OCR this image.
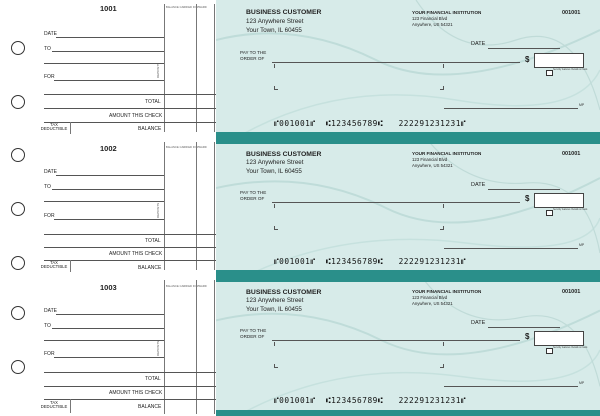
1001	BALANCE CARRIED FORWARD
DATE
TO
FOR	DEPOSITS
TOTAL
AMOUNT THIS CHECK
TAX DEDUCTIBLE	BALANCE
BUSINESS CUSTOMER
123 Anywhere Street
Your Town, IL 60455
YOUR FINANCIAL INSTITUTION
123 Financial Blvd
Anywhere, US 54321
001001
DATE
PAY TO THE
ORDER OF	$
Security features. Details on back.
MP
⑈001001⑈  ⑆123456789⑆   222291231231⑈
1002	BALANCE CARRIED FORWARD
DATE
TO
FOR	DEPOSITS
TOTAL
AMOUNT THIS CHECK
TAX DEDUCTIBLE	BALANCE
BUSINESS CUSTOMER
123 Anywhere Street
Your Town, IL 60455
YOUR FINANCIAL INSTITUTION
123 Financial Blvd
Anywhere, US 54321
001001
DATE
PAY TO THE
ORDER OF	$
Security features. Details on back.
MP
⑈001001⑈  ⑆123456789⑆   222291231231⑈
1003	BALANCE CARRIED FORWARD
DATE
TO
FOR	DEPOSITS
TOTAL
AMOUNT THIS CHECK
TAX DEDUCTIBLE	BALANCE
BUSINESS CUSTOMER
123 Anywhere Street
Your Town, IL 60455
YOUR FINANCIAL INSTITUTION
123 Financial Blvd
Anywhere, US 54321
001001
DATE
PAY TO THE
ORDER OF	$
Security features. Details on back.
MP
⑈001001⑈  ⑆123456789⑆   222291231231⑈
